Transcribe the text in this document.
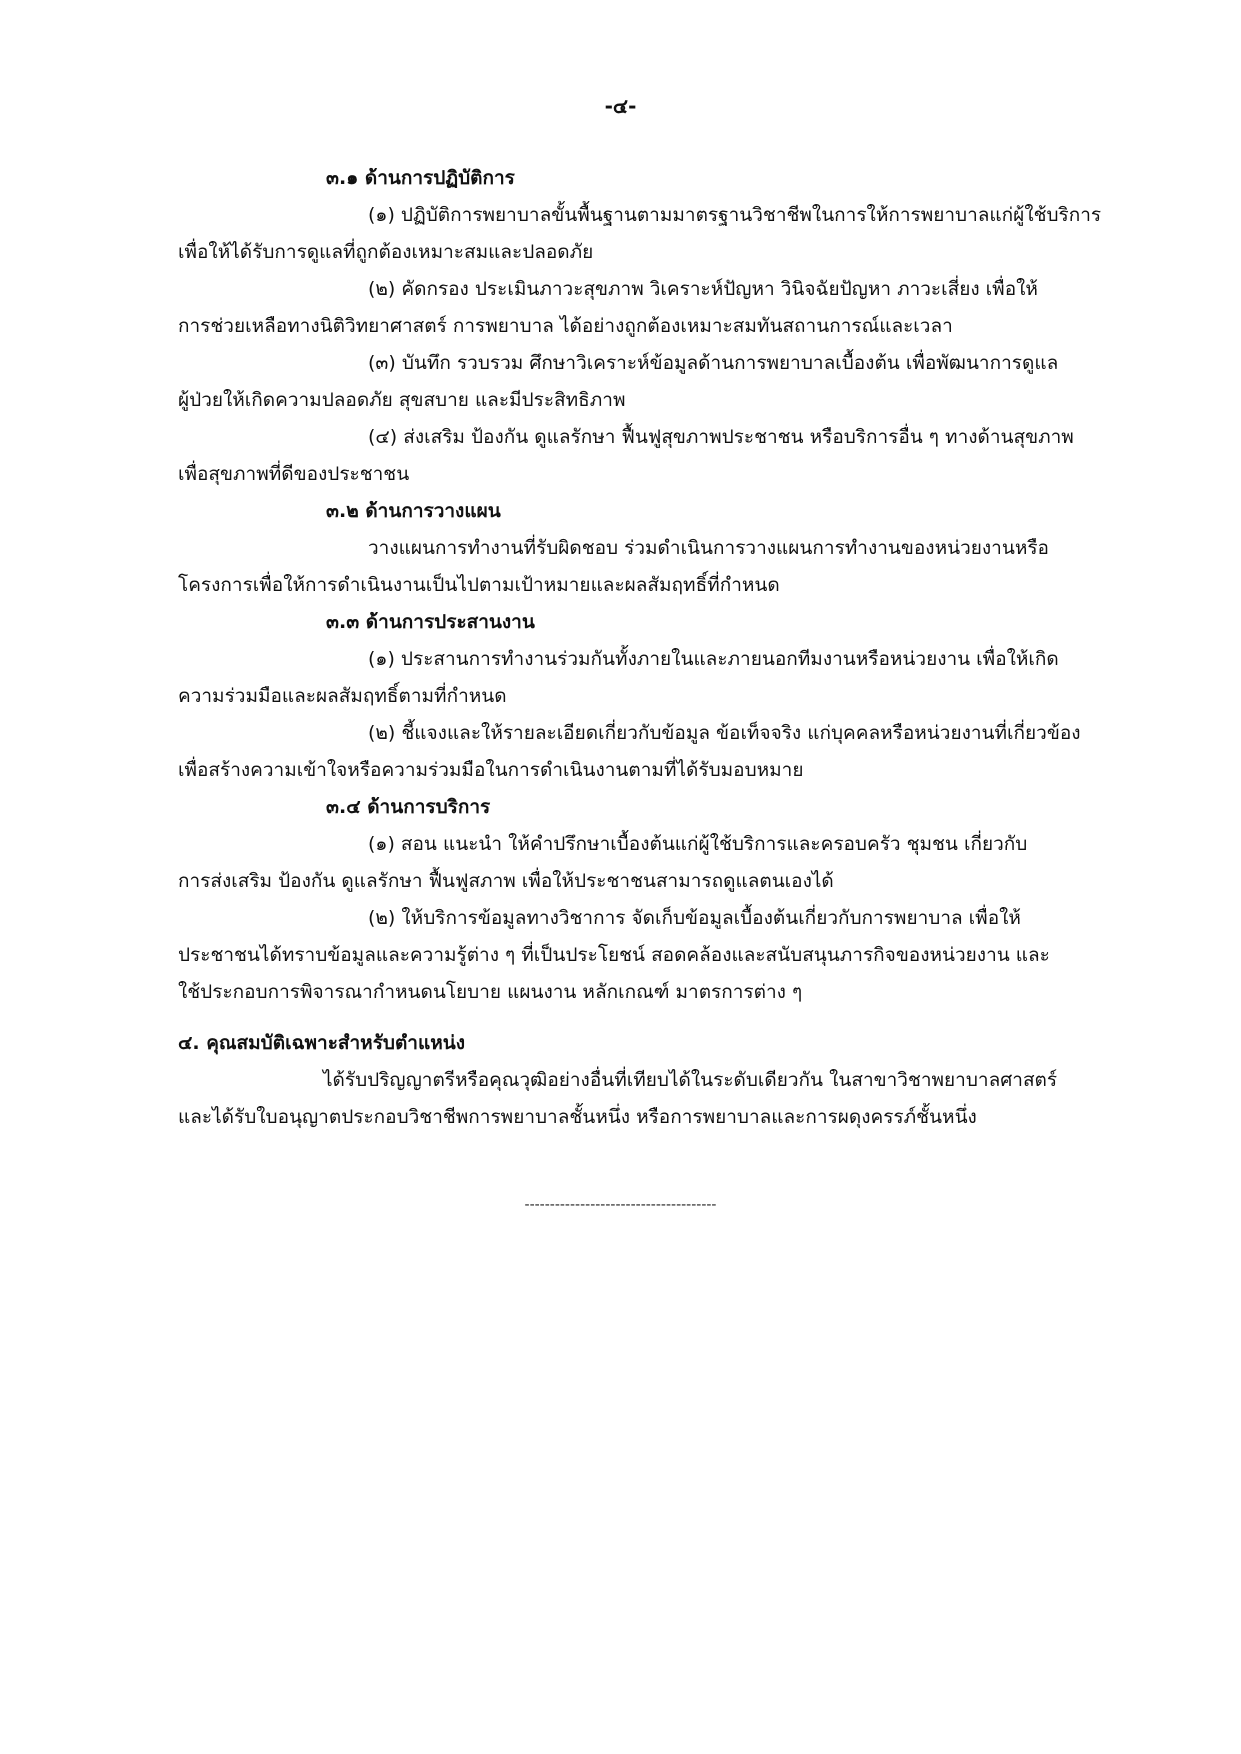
-๔-
๓.๑ ด้านการปฏิบัติการ
(๑) ปฏิบัติการพยาบาลขั้นพื้นฐานตามมาตรฐานวิชาชีพในการให้การพยาบาลแก่ผู้ใช้บริการ
เพื่อให้ได้รับการดูแลที่ถูกต้องเหมาะสมและปลอดภัย
(๒) คัดกรอง ประเมินภาวะสุขภาพ วิเคราะห์ปัญหา วินิจฉัยปัญหา ภาวะเสี่ยง เพื่อให้
การช่วยเหลือทางนิติวิทยาศาสตร์ การพยาบาล ได้อย่างถูกต้องเหมาะสมทันสถานการณ์และเวลา
(๓) บันทึก รวบรวม ศึกษาวิเคราะห์ข้อมูลด้านการพยาบาลเบื้องต้น เพื่อพัฒนาการดูแล
ผู้ป่วยให้เกิดความปลอดภัย สุขสบาย และมีประสิทธิภาพ
(๔) ส่งเสริม ป้องกัน ดูแลรักษา ฟื้นฟูสุขภาพประชาชน หรือบริการอื่น ๆ ทางด้านสุขภาพ
เพื่อสุขภาพที่ดีของประชาชน
๓.๒ ด้านการวางแผน
วางแผนการทำงานที่รับผิดชอบ ร่วมดำเนินการวางแผนการทำงานของหน่วยงานหรือ
โครงการเพื่อให้การดำเนินงานเป็นไปตามเป้าหมายและผลสัมฤทธิ์ที่กำหนด
๓.๓ ด้านการประสานงาน
(๑) ประสานการทำงานร่วมกันทั้งภายในและภายนอกทีมงานหรือหน่วยงาน เพื่อให้เกิด
ความร่วมมือและผลสัมฤทธิ์ตามที่กำหนด
(๒) ชี้แจงและให้รายละเอียดเกี่ยวกับข้อมูล ข้อเท็จจริง แก่บุคคลหรือหน่วยงานที่เกี่ยวข้อง
เพื่อสร้างความเข้าใจหรือความร่วมมือในการดำเนินงานตามที่ได้รับมอบหมาย
๓.๔ ด้านการบริการ
(๑) สอน แนะนำ ให้คำปรึกษาเบื้องต้นแก่ผู้ใช้บริการและครอบครัว ชุมชน เกี่ยวกับ
การส่งเสริม ป้องกัน ดูแลรักษา ฟื้นฟูสภาพ เพื่อให้ประชาชนสามารถดูแลตนเองได้
(๒) ให้บริการข้อมูลทางวิชาการ จัดเก็บข้อมูลเบื้องต้นเกี่ยวกับการพยาบาล เพื่อให้
ประชาชนได้ทราบข้อมูลและความรู้ต่าง ๆ ที่เป็นประโยชน์ สอดคล้องและสนับสนุนภารกิจของหน่วยงาน และ
ใช้ประกอบการพิจารณากำหนดนโยบาย แผนงาน หลักเกณฑ์ มาตรการต่าง ๆ
๔. คุณสมบัติเฉพาะสำหรับตำแหน่ง
ได้รับปริญญาตรีหรือคุณวุฒิอย่างอื่นที่เทียบได้ในระดับเดียวกัน ในสาขาวิชาพยาบาลศาสตร์
และได้รับใบอนุญาตประกอบวิชาชีพการพยาบาลชั้นหนึ่ง หรือการพยาบาลและการผดุงครรภ์ชั้นหนึ่ง
--------------------------------------
